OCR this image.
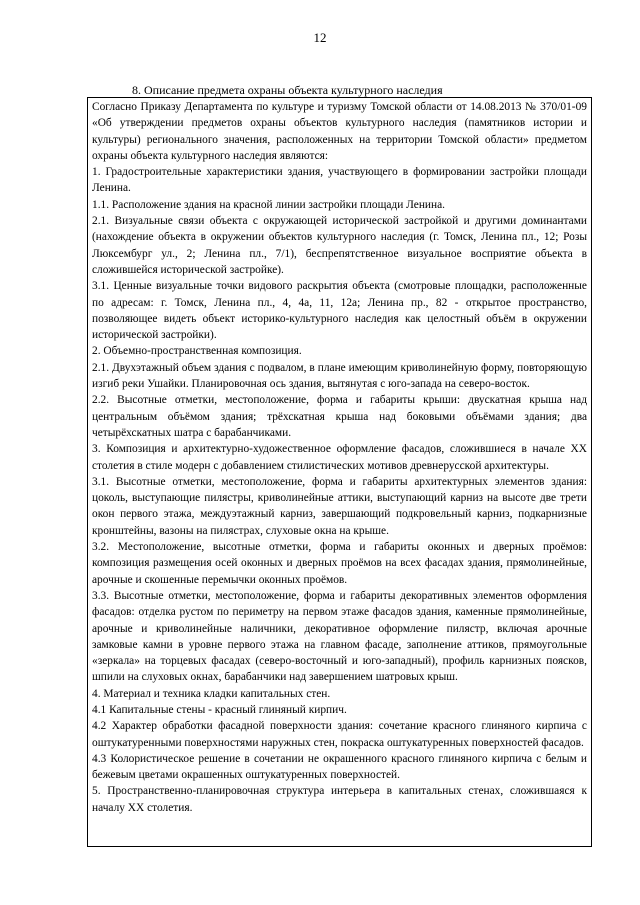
12
8. Описание предмета охраны объекта культурного наследия

Согласно Приказу Департамента по культуре и туризму Томской области от 14.08.2013 № 370/01-09 «Об утверждении предметов охраны объектов культурного наследия (памятников истории и культуры) регионального значения, расположенных на территории Томской области» предметом охраны объекта культурного наследия являются:

1. Градостроительные характеристики здания, участвующего в формировании застройки площади Ленина.

1.1. Расположение здания на красной линии застройки площади Ленина.

2.1. Визуальные связи объекта с окружающей исторической застройкой и другими доминантами (нахождение объекта в окружении объектов культурного наследия (г. Томск, Ленина пл., 12; Розы Люксембург ул., 2; Ленина пл., 7/1), беспрепятственное визуальное восприятие объекта в сложившейся исторической застройке).

3.1. Ценные визуальные точки видового раскрытия объекта (смотровые площадки, расположенные по адресам: г. Томск, Ленина пл., 4, 4а, 11, 12а; Ленина пр., 82 - открытое пространство, позволяющее видеть объект историко-культурного наследия как целостный объём в окружении исторической застройки).

2. Объемно-пространственная композиция.

2.1. Двухэтажный объем здания с подвалом, в плане имеющим криволинейную форму, повторяющую изгиб реки Ушайки. Планировочная ось здания, вытянутая с юго-запада на северо-восток.

2.2. Высотные отметки, местоположение, форма и габариты крыши: двускатная крыша над центральным объёмом здания; трёхскатная крыша над боковыми объёмами здания; два четырёхскатных шатра с барабанчиками.

3. Композиция и архитектурно-художественное оформление фасадов, сложившиеся в начале XX столетия в стиле модерн с добавлением стилистических мотивов древнерусской архитектуры.

3.1. Высотные отметки, местоположение, форма и габариты архитектурных элементов здания: цоколь, выступающие пилястры, криволинейные аттики, выступающий карниз на высоте две трети окон первого этажа, междуэтажный карниз, завершающий подкровельный карниз, подкарнизные кронштейны, вазоны на пилястрах, слуховые окна на крыше.

3.2. Местоположение, высотные отметки, форма и габариты оконных и дверных проёмов: композиция размещения осей оконных и дверных проёмов на всех фасадах здания, прямолинейные, арочные и скошенные перемычки оконных проёмов.

3.3. Высотные отметки, местоположение, форма и габариты декоративных элементов оформления фасадов: отделка рустом по периметру на первом этаже фасадов здания, каменные прямолинейные, арочные и криволинейные наличники, декоративное оформление пилястр, включая арочные замковые камни в уровне первого этажа на главном фасаде, заполнение аттиков, прямоугольные «зеркала» на торцевых фасадах (северо-восточный и юго-западный), профиль карнизных поясков, шпили на слуховых окнах, барабанчики над завершением шатровых крыш.

4. Материал и техника кладки капитальных стен.

4.1 Капитальные стены - красный глиняный кирпич.

4.2 Характер обработки фасадной поверхности здания: сочетание красного глиняного кирпича с оштукатуренными поверхностями наружных стен, покраска оштукатуренных поверхностей фасадов.

4.3 Колористическое решение в сочетании не окрашенного красного глиняного кирпича с белым и бежевым цветами окрашенных оштукатуренных поверхностей.

5. Пространственно-планировочная структура интерьера в капитальных стенах, сложившаяся к началу XX столетия.
